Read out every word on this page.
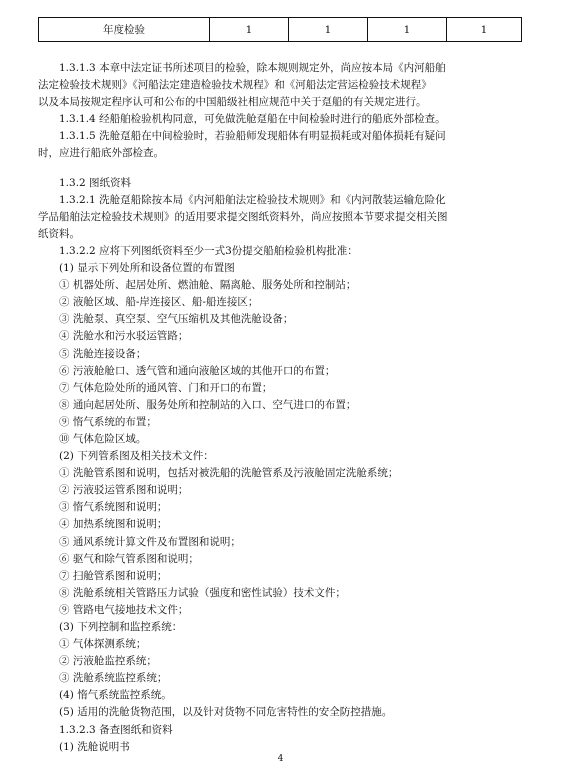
年度检验	1	1	1	1
1.3.1.3 本章中法定证书所述项目的检验，除本规则规定外，尚应按本局《内河船舶
法定检验技术规则》《河船法定建造检验技术规程》和《河船法定营运检验技术规程》
以及本局按规定程序认可和公布的中国船级社相应规范中关于趸船的有关规定进行。
1.3.1.4 经船舶检验机构同意，可免做洗舱趸船在中间检验时进行的船底外部检查。
1.3.1.5 洗舱趸船在中间检验时，若验船师发现船体有明显损耗或对船体损耗有疑问
时，应进行船底外部检查。
1.3.2 图纸资料
1.3.2.1 洗舱趸船除按本局《内河船舶法定检验技术规则》和《内河散装运输危险化
学品船舶法定检验技术规则》的适用要求提交图纸资料外，尚应按照本节要求提交相关图
纸资料。
1.3.2.2 应将下列图纸资料至少一式3份提交船舶检验机构批准：
(1) 显示下列处所和设备位置的布置图
① 机器处所、起居处所、燃油舱、隔离舱、服务处所和控制站；
② 液舱区域、船-岸连接区、船-船连接区；
③ 洗舱泵、真空泵、空气压缩机及其他洗舱设备；
④ 洗舱水和污水驳运管路；
⑤ 洗舱连接设备；
⑥ 污液舱舱口、透气管和通向液舱区域的其他开口的布置；
⑦ 气体危险处所的通风管、门和开口的布置；
⑧ 通向起居处所、服务处所和控制站的入口、空气进口的布置；
⑨ 惰气系统的布置；
⑩ 气体危险区域。
(2) 下列管系图及相关技术文件：
① 洗舱管系图和说明，包括对被洗船的洗舱管系及污液舱固定洗舱系统；
② 污液驳运管系图和说明；
③ 惰气系统图和说明；
④ 加热系统图和说明；
⑤ 通风系统计算文件及布置图和说明；
⑥ 驱气和除气管系图和说明；
⑦ 扫舱管系图和说明；
⑧ 洗舱系统相关管路压力试验（强度和密性试验）技术文件；
⑨ 管路电气接地技术文件；
(3) 下列控制和监控系统：
① 气体探测系统；
② 污液舱监控系统；
③ 洗舱系统监控系统；
(4) 惰气系统监控系统。
(5) 适用的洗舱货物范围，以及针对货物不同危害特性的安全防控措施。
1.3.2.3 备查图纸和资料
(1) 洗舱说明书
4
